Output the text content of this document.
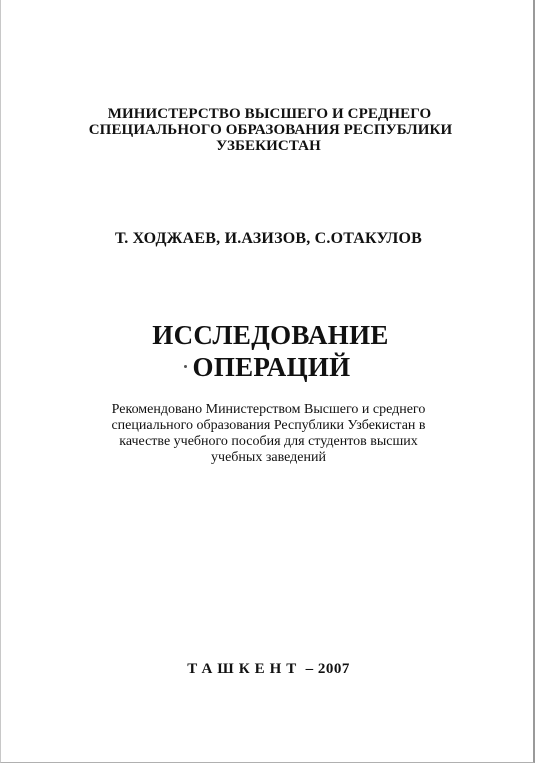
МИНИСТЕРСТВО ВЫСШЕГО И СРЕДНЕГО
СПЕЦИАЛЬНОГО ОБРАЗОВАНИЯ РЕСПУБЛИКИ
УЗБЕКИСТАН
Т. ХОДЖАЕВ, И.АЗИЗОВ, С.ОТАКУЛОВ
ИССЛЕДОВАНИЕ
ОПЕРАЦИЙ
Рекомендовано Министерством Высшего и среднего
специального образования Республики Узбекистан в
качестве учебного пособия для студентов высших
учебных заведений
ТАШКЕНТ – 2007
